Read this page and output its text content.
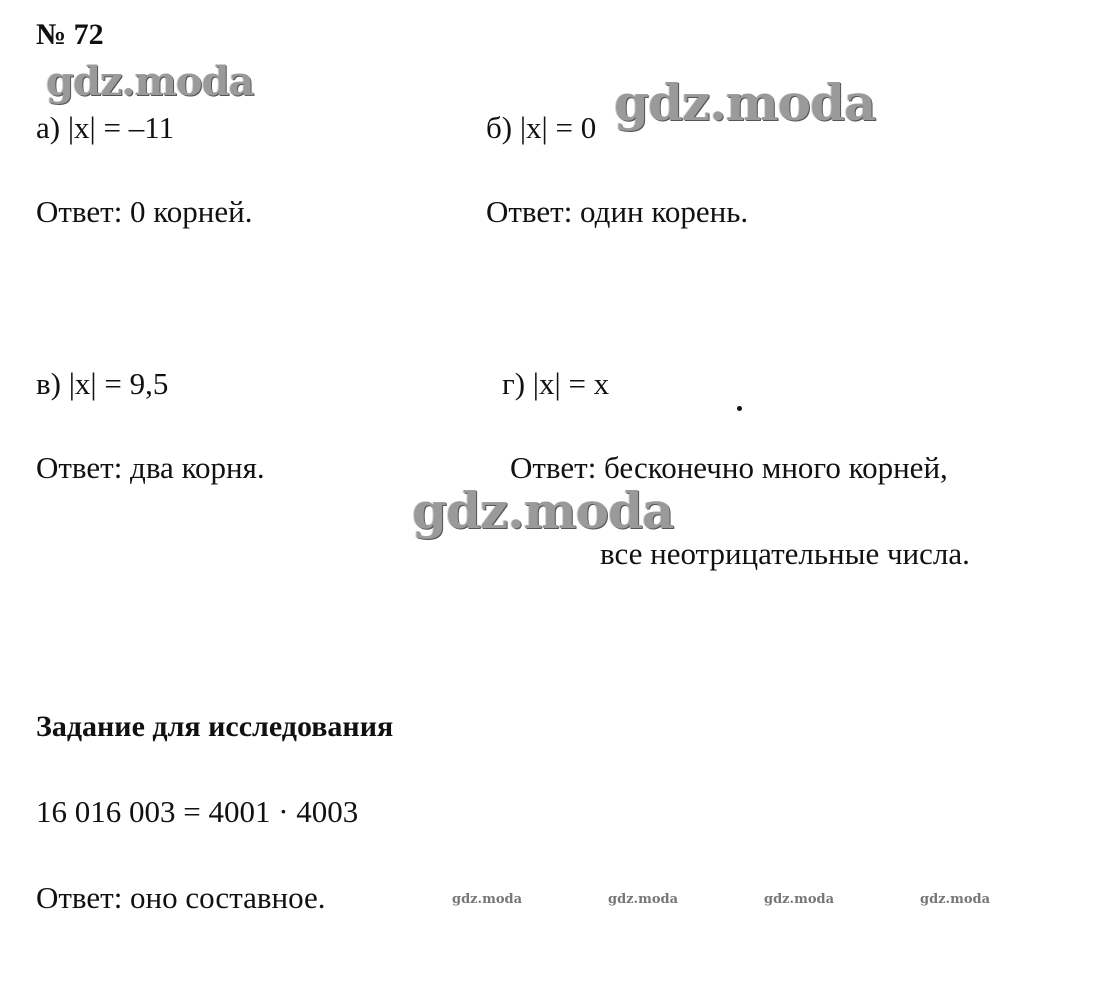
№ 72
gdz.moda
а) |x| = –11
Ответ: 0 корней.
б) |x| = 0 gdz.moda
Ответ: один корень.
в) |x| = 9,5
Ответ: два корня.
г) |x| = x
Ответ: бесконечно много корней,
gdz.moda
все неотрицательные числа.
Задание для исследования
16 016 003 = 4001 · 4003
Ответ: оно составное.	gdz.moda	gdz.moda	gdz.moda	gdz.moda
